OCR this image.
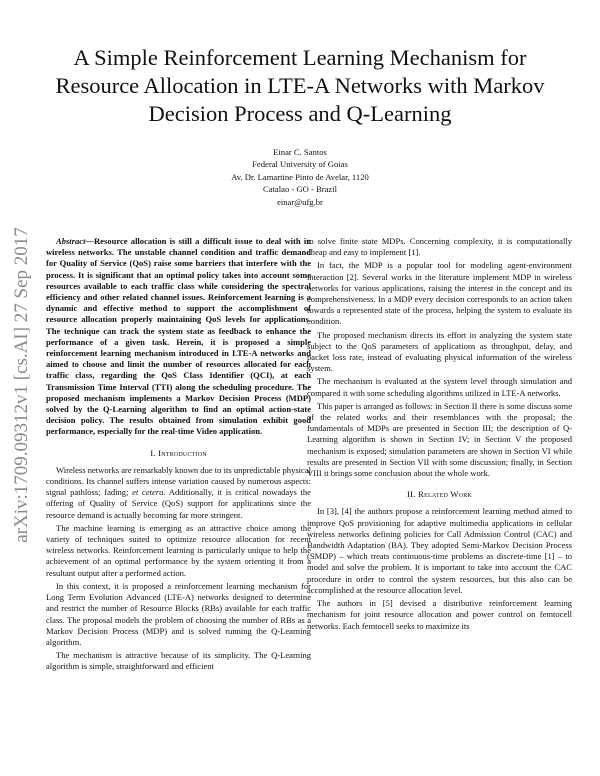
A Simple Reinforcement Learning Mechanism for Resource Allocation in LTE-A Networks with Markov Decision Process and Q-Learning
Einar C. Santos
Federal University of Goias
Av. Dr. Lamartine Pinto de Avelar, 1120
Catalao - GO - Brazil
einar@ufg.br
arXiv:1709.09312v1 [cs.AI] 27 Sep 2017	Abstract—Resource allocation is still a difficult issue to deal with in wireless networks. The unstable channel condition and traffic demand for Quality of Service (QoS) raise some barriers that interfere with the process. It is significant that an optimal policy takes into account some resources available to each traffic class while considering the spectral efficiency and other related channel issues. Reinforcement learning is a dynamic and effective method to support the accomplishment of resource allocation properly maintaining QoS levels for applications. The technique can track the system state as feedback to enhance the performance of a given task. Herein, it is proposed a simple reinforcement learning mechanism introduced in LTE-A networks and aimed to choose and limit the number of resources allocated for each traffic class, regarding the QoS Class Identifier (QCI), at each Transmission Time Interval (TTI) along the scheduling procedure. The proposed mechanism implements a Markov Decision Process (MDP) solved by the Q-Learning algorithm to find an optimal action-state decision policy. The results obtained from simulation exhibit good performance, especially for the real-time Video application.

I. Introduction

Wireless networks are remarkably known due to its unpredictable physical conditions. Its channel suffers intense variation caused by numerous aspects: signal pathloss; fading; et cetera. Additionally, it is critical nowadays the offering of Quality of Service (QoS) support for applications since the resource demand is actually becoming far more stringent.

The machine learning is emerging as an attractive choice among the variety of techniques suited to optimize resource allocation for recent wireless networks. Reinforcement learning is particularly unique to help the achievement of an optimal performance by the system orienting it from a resultant output after a performed action.

In this context, it is proposed a reinforcement learning mechanism for Long Term Evolution Advanced (LTE-A) networks designed to determine and restrict the number of Resource Blocks (RBs) available for each traffic class. The proposal models the problem of choosing the number of RBs as a Markov Decision Process (MDP) and is solved running the Q-Learning algorithm.

The mechanism is attractive because of its simplicity. The Q-Learning algorithm is simple, straightforward and efficient

to solve finite state MDPs. Concerning complexity, it is computationally cheap and easy to implement [1].

In fact, the MDP is a popular tool for modeling agent-environment interaction [2]. Several works in the literature implement MDP in wireless networks for various applications, raising the interest in the concept and its comprehensiveness. In a MDP every decision corresponds to an action taken towards a represented state of the process, helping the system to evaluate its condition.

The proposed mechanism directs its effort in analyzing the system state subject to the QoS parameters of applications as throughput, delay, and packet loss rate, instead of evaluating physical information of the wireless system.

The mechanism is evaluated at the system level through simulation and compared it with some scheduling algorithms utilized in LTE-A networks.

This paper is arranged as follows: in Section II there is some discuss some of the related works and their resemblances with the proposal; the fundamentals of MDPs are presented in Section III; the description of Q-Learning algorithm is shown in Section IV; in Section V the proposed mechanism is exposed; simulation parameters are shown in Section VI while results are presented in Section VII with some discussion; finally, in Section VIII it brings some conclusion about the whole work.

II. Related Work

In [3], [4] the authors propose a reinforcement learning method aimed to improve QoS provisioning for adaptive multimedia applications in cellular wireless networks defining policies for Call Admission Control (CAC) and Bandwidth Adaptation (BA). They adopted Semi-Markov Decision Process (SMDP) – which treats continuous-time problems as discrete-time [1] – to model and solve the problem. It is important to take into account the CAC procedure in order to control the system resources, but this also can be accomplished at the resource allocation level.

The authors in [5] devised a distributive reinforcement learning mechanism for joint resource allocation and power control on femtocell networks. Each femtocell seeks to maximize its
